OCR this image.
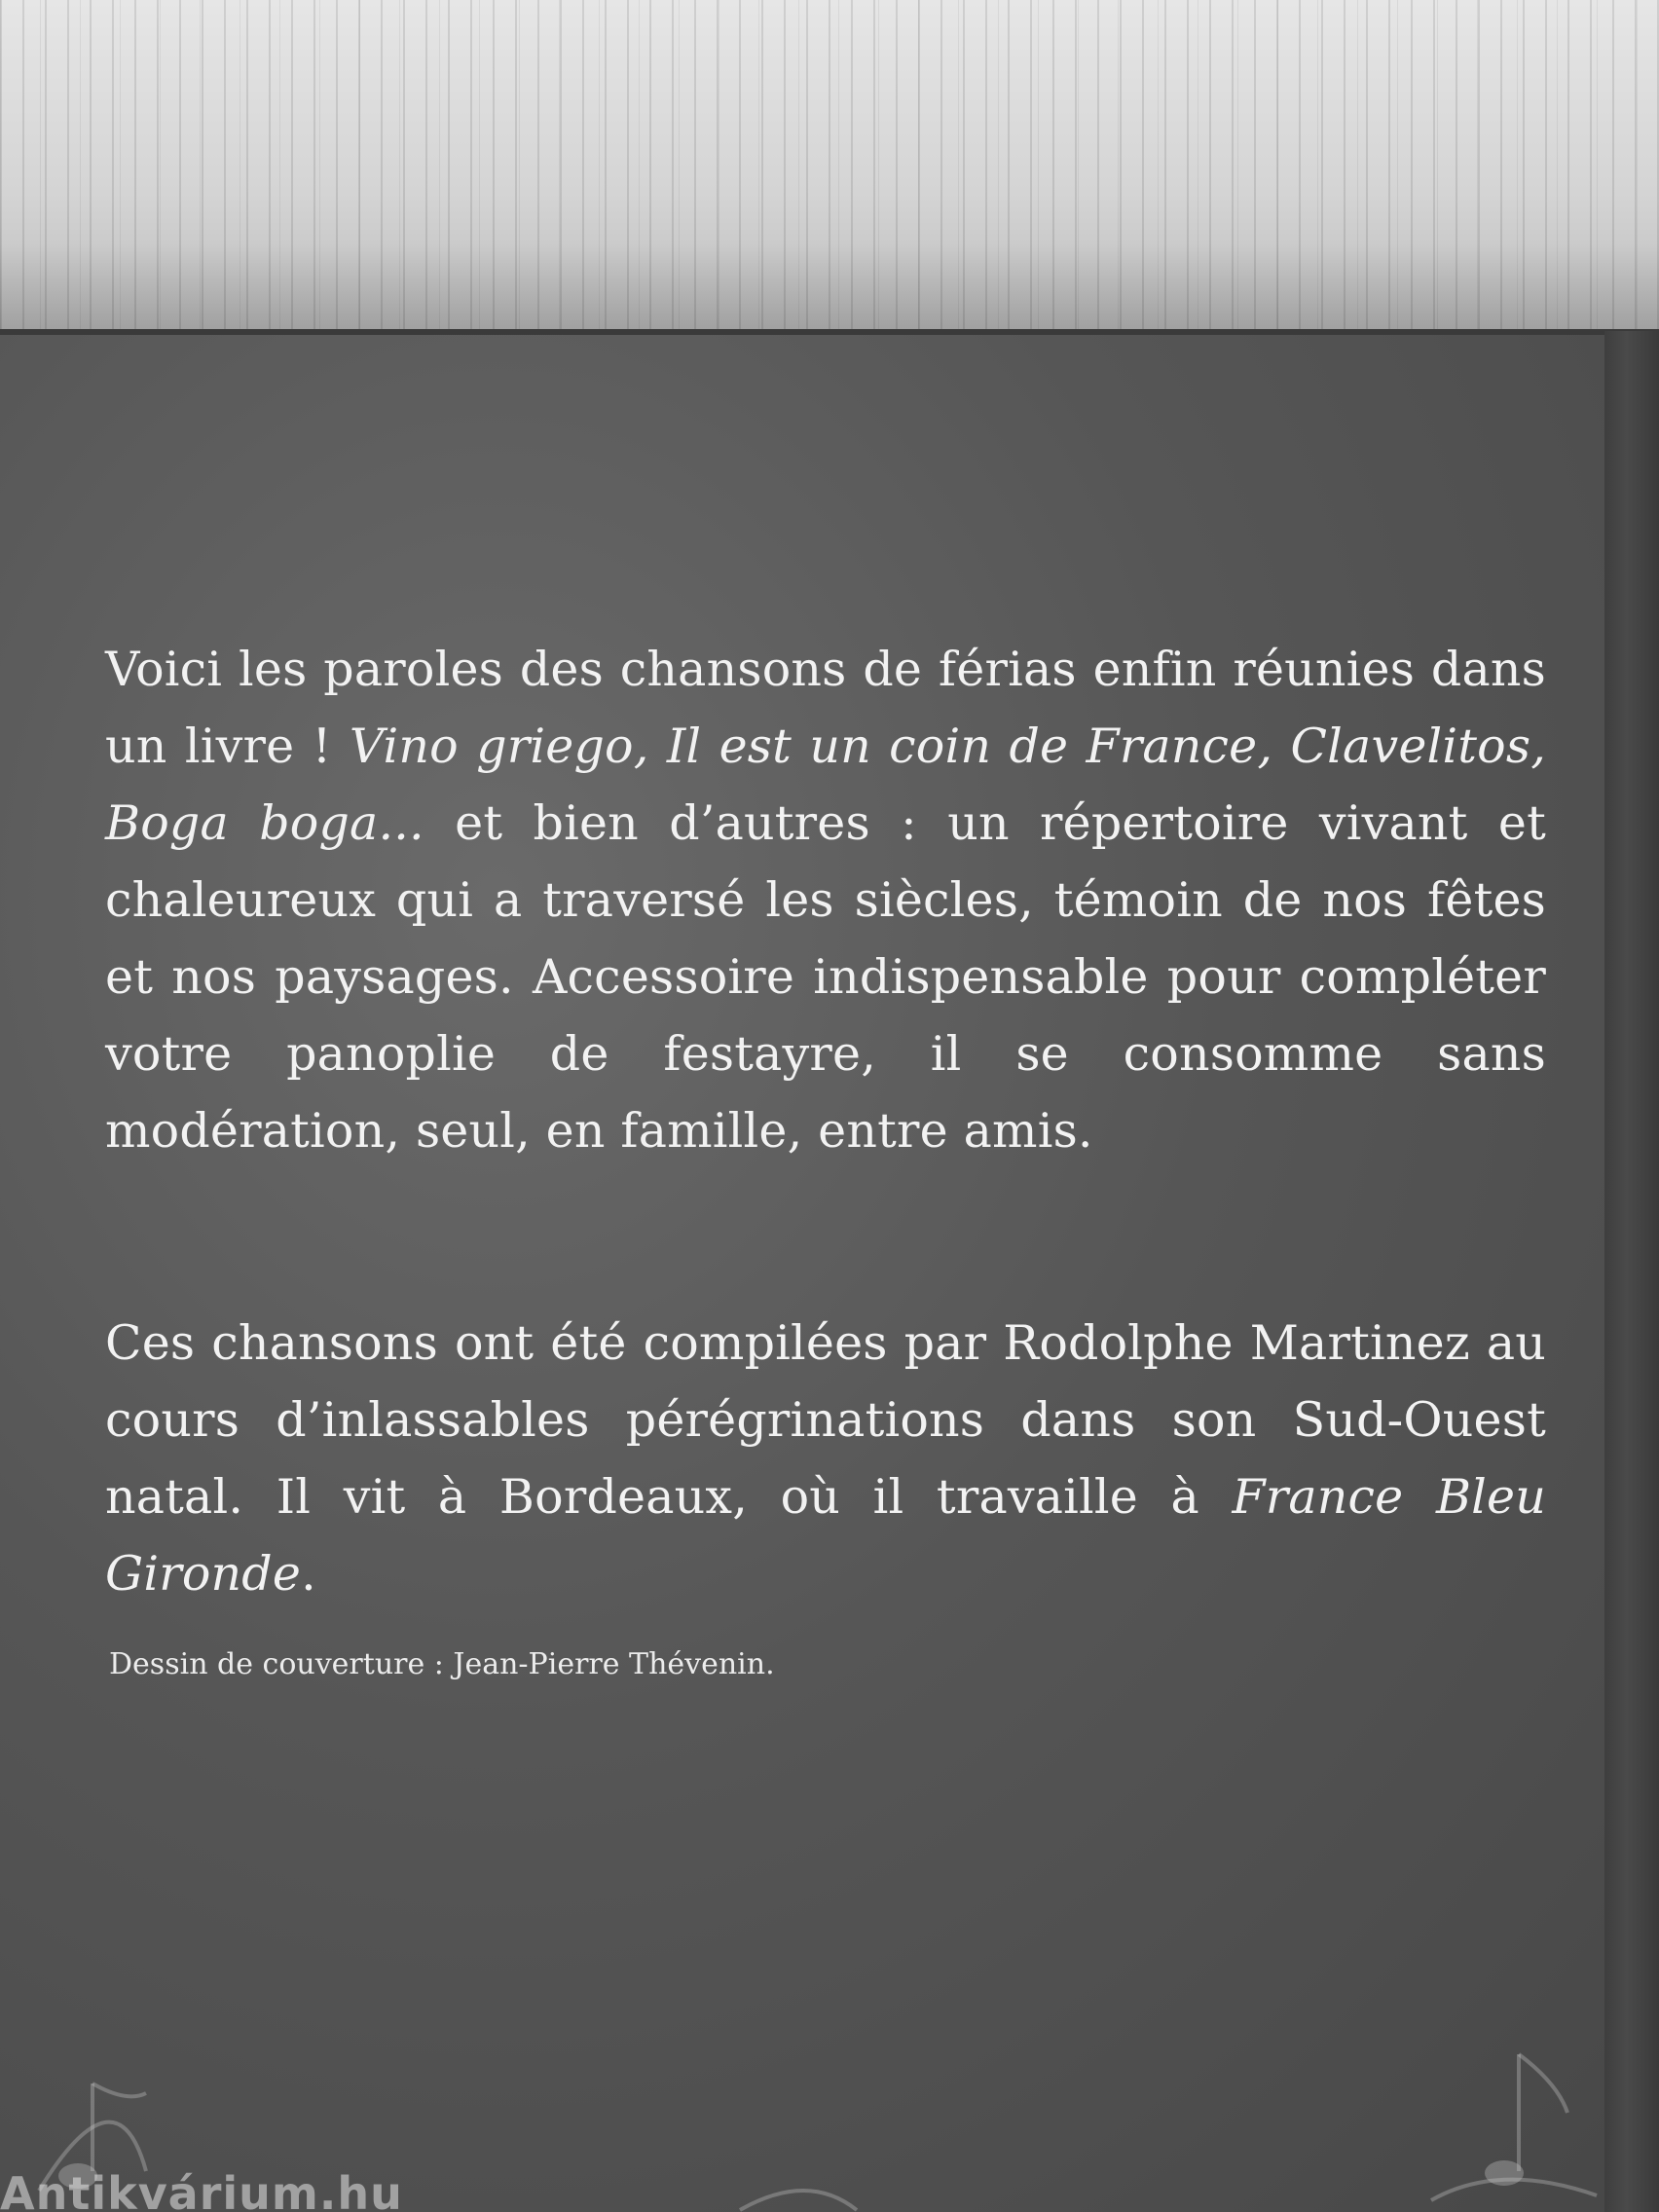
Voici les paroles des chansons de férias enfin réunies dans un livre ! Vino griego, Il est un coin de France, Clavelitos, Boga boga... et bien d’autres : un répertoire vivant et chaleureux qui a traversé les siècles, témoin de nos fêtes et nos paysages. Accessoire indispensable pour compléter votre panoplie de festayre, il se consomme sans modération, seul, en famille, entre amis.
Ces chansons ont été compilées par Rodolphe Martinez au cours d’inlassables pérégrinations dans son Sud-Ouest natal. Il vit à Bordeaux, où il travaille à France Bleu Gironde.
Dessin de couverture : Jean-Pierre Thévenin.
Antikvárium.hu
